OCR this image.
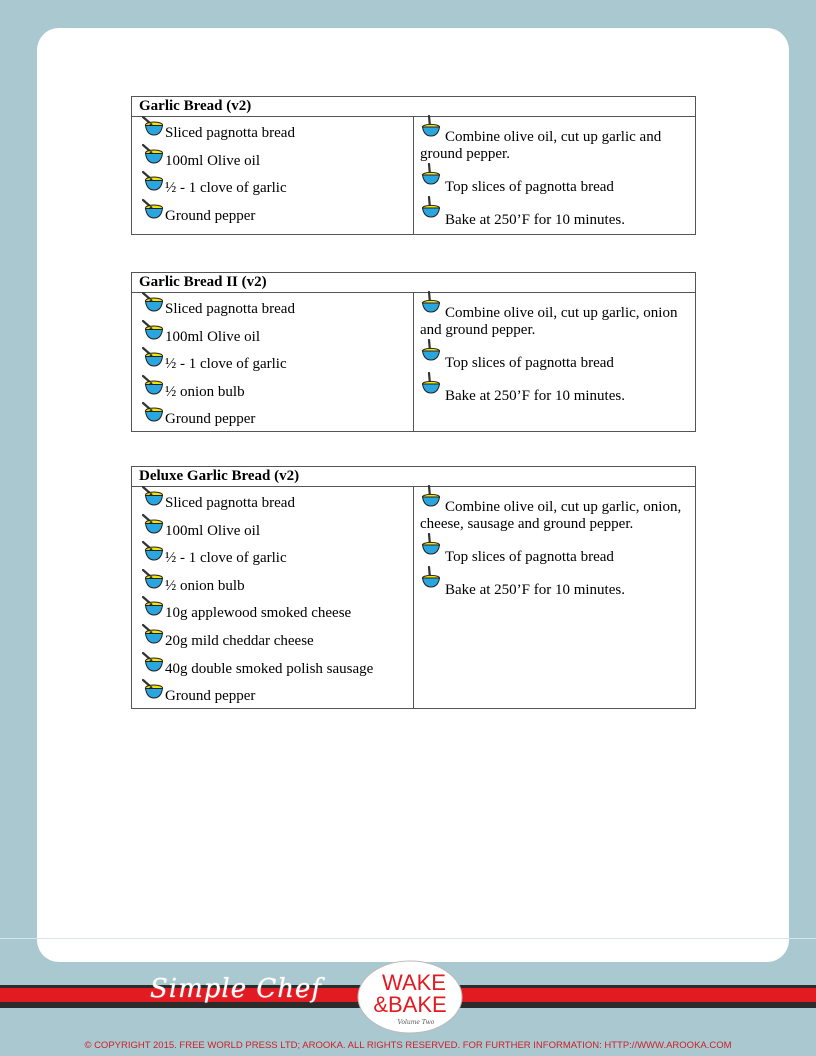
Garlic Bread (v2)

Sliced pagnotta bread
100ml Olive oil
½ - 1 clove of garlic
Ground pepper

Combine olive oil, cut up garlic and ground pepper.
Top slices of pagnotta bread
Bake at 250’F for 10 minutes.
Garlic Bread II (v2)

Sliced pagnotta bread
100ml Olive oil
½ - 1 clove of garlic
½ onion bulb
Ground pepper

Combine olive oil, cut up garlic, onion and ground pepper.
Top slices of pagnotta bread
Bake at 250’F for 10 minutes.
Deluxe Garlic Bread (v2)

Sliced pagnotta bread
100ml Olive oil
½ - 1 clove of garlic
½ onion bulb
10g applewood smoked cheese
20g mild cheddar cheese
40g double smoked polish sausage
Ground pepper

Combine olive oil, cut up garlic, onion, cheese, sausage and ground pepper.
Top slices of pagnotta bread
Bake at 250’F for 10 minutes.
Simple Chef	WAKE
&BAKE
Volume Two
© COPYRIGHT 2015. FREE WORLD PRESS LTD; AROOKA. ALL RIGHTS RESERVED. FOR FURTHER INFORMATION: HTTP://WWW.AROOKA.COM
